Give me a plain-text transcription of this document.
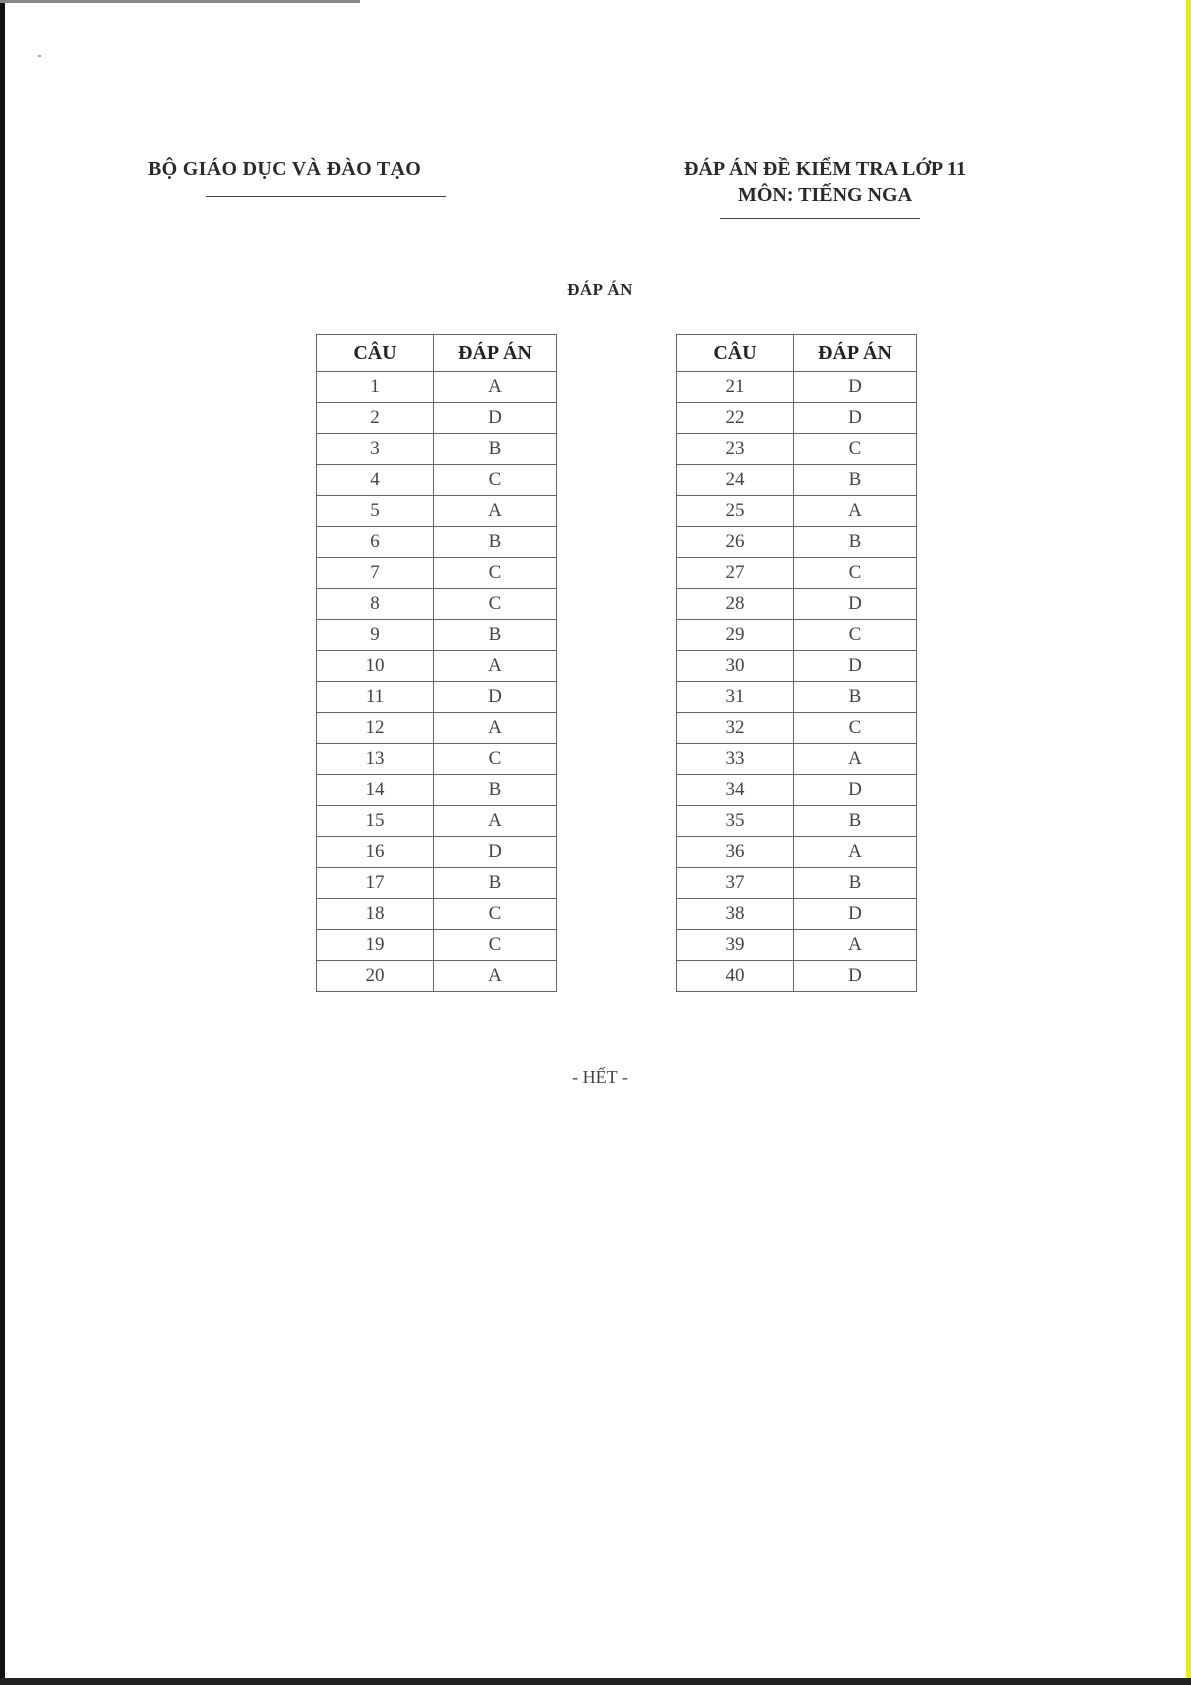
BỘ GIÁO DỤC VÀ ĐÀO TẠO	ĐÁP ÁN ĐỀ KIỂM TRA LỚP 11
MÔN: TIẾNG NGA
ĐÁP ÁN
CÂU	ĐÁP ÁN
1	A
2	D
3	B
4	C
5	A
6	B
7	C
8	C
9	B
10	A
11	D
12	A
13	C
14	B
15	A
16	D
17	B
18	C
19	C
20	A
CÂU	ĐÁP ÁN
21	D
22	D
23	C
24	B
25	A
26	B
27	C
28	D
29	C
30	D
31	B
32	C
33	A
34	D
35	B
36	A
37	B
38	D
39	A
40	D
- HẾT -
